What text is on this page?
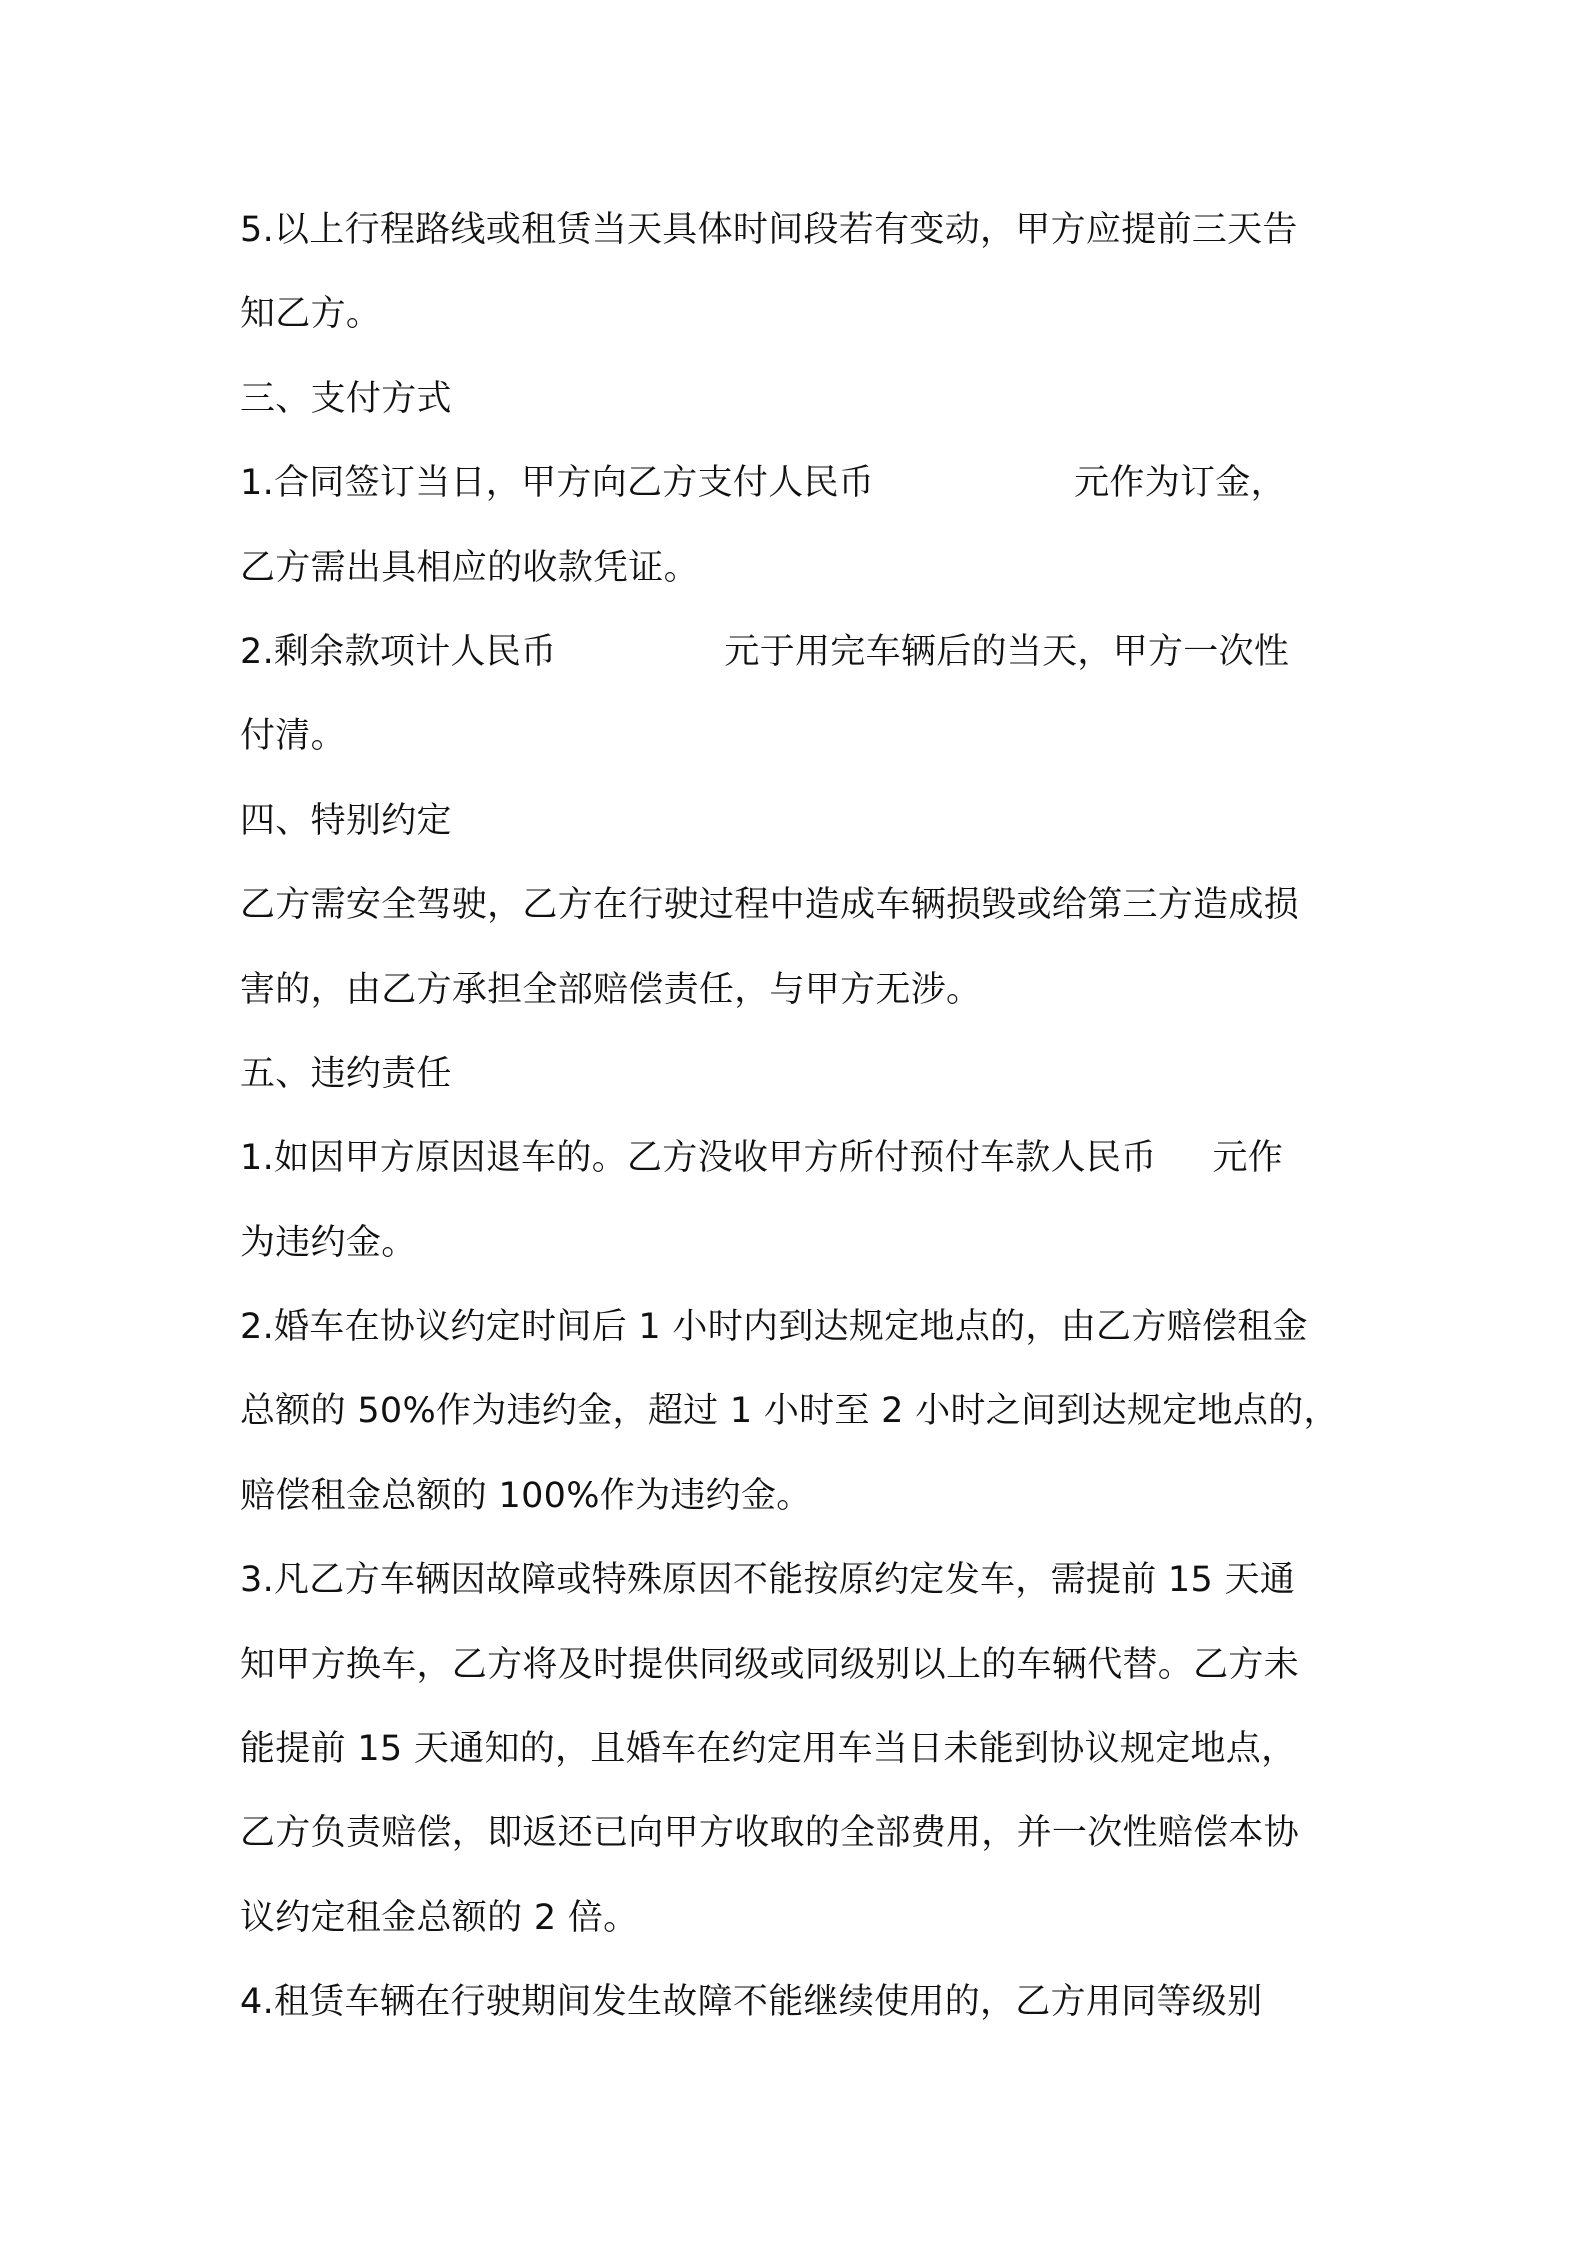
5.以上行程路线或租赁当天具体时间段若有变动，甲方应提前三天告
知乙方。
三、支付方式
1.合同签订当日，甲方向乙方支付人民币	元作为订金，
乙方需出具相应的收款凭证。
2.剩余款项计人民币	元于用完车辆后的当天，甲方一次性
付清。
四、特别约定
乙方需安全驾驶，乙方在行驶过程中造成车辆损毁或给第三方造成损
害的，由乙方承担全部赔偿责任，与甲方无涉。
五、违约责任
1.如因甲方原因退车的。乙方没收甲方所付预付车款人民币 元作
为违约金。
2.婚车在协议约定时间后 1 小时内到达规定地点的，由乙方赔偿租金
总额的 50%作为违约金，超过 1 小时至 2 小时之间到达规定地点的，
赔偿租金总额的 100%作为违约金。
3.凡乙方车辆因故障或特殊原因不能按原约定发车，需提前 15 天通
知甲方换车，乙方将及时提供同级或同级别以上的车辆代替。乙方未
能提前 15 天通知的，且婚车在约定用车当日未能到协议规定地点，
乙方负责赔偿，即返还已向甲方收取的全部费用，并一次性赔偿本协
议约定租金总额的 2 倍。
4.租赁车辆在行驶期间发生故障不能继续使用的，乙方用同等级别
